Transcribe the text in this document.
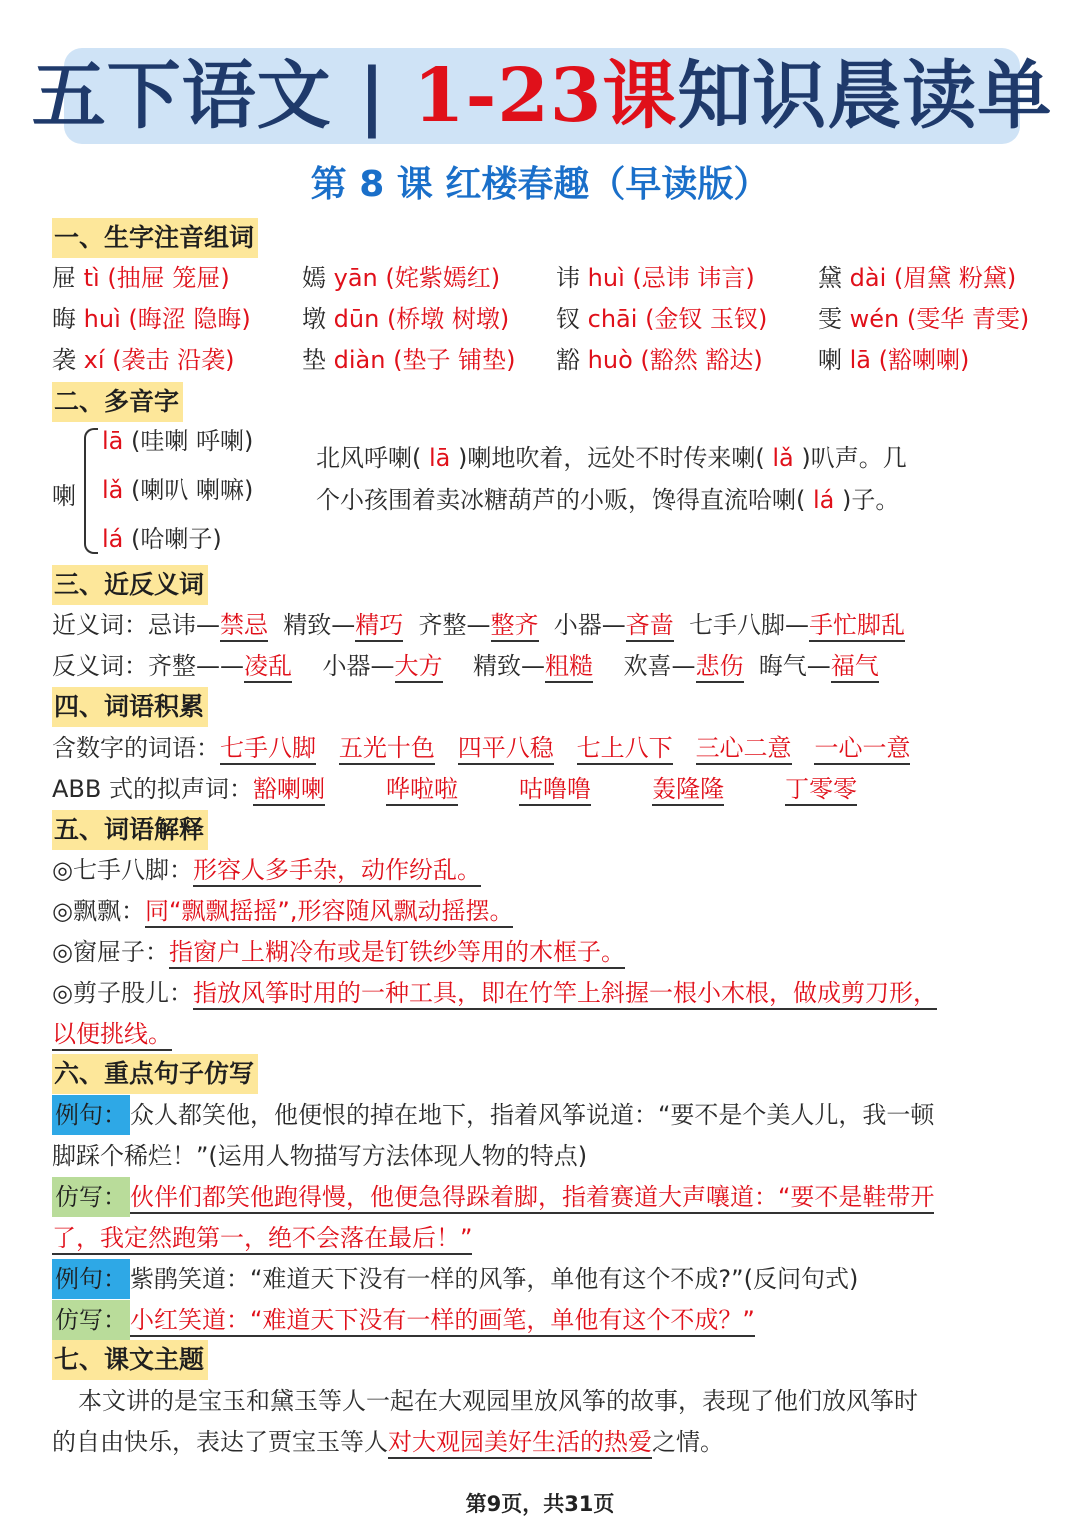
五下语文 | 1-23课知识晨读单
第 8 课 红楼春趣（早读版）
一、生字注音组词
屉 tì (抽屉 笼屉)	嫣 yān (姹紫嫣红) 讳 huì (忌讳 讳言)	黛 dài (眉黛 粉黛)
晦 huì (晦涩 隐晦) 墩 dūn (桥墩 树墩) 钗 chāi (金钗 玉钗) 雯 wén (雯华 青雯)
袭 xí (袭击 沿袭)	垫 diàn (垫子 铺垫) 豁 huò (豁然 豁达) 喇 lā (豁喇喇)
二、多音字
喇
lā (哇喇 呼喇)
lǎ (喇叭 喇嘛)
lá (哈喇子)
北风呼喇( lā )喇地吹着，远处不时传来喇( lǎ )叭声。几
个小孩围着卖冰糖葫芦的小贩，馋得直流哈喇( lá )子。
三、近反义词
近义词：忌讳—禁忌 精致—精巧 齐整—整齐 小器—吝啬 七手八脚—手忙脚乱
反义词：齐整——凌乱 小器—大方 精致—粗糙 欢喜—悲伤 晦气—福气
四、词语积累
含数字的词语：七手八脚 五光十色 四平八稳 七上八下 三心二意 一心一意
ABB 式的拟声词：豁喇喇	哗啦啦	咕噜噜	轰隆隆	丁零零
五、词语解释
◎七手八脚：形容人多手杂，动作纷乱。
◎飘飘：同“飘飘摇摇”,形容随风飘动摇摆。
◎窗屉子：指窗户上糊冷布或是钉铁纱等用的木框子。
◎剪子股儿：指放风筝时用的一种工具，即在竹竿上斜握一根小木根，做成剪刀形，
以便挑线。
六、重点句子仿写
例句： 众人都笑他，他便恨的掉在地下，指着风筝说道：“要不是个美人儿，我一顿
脚踩个稀烂！”(运用人物描写方法体现人物的特点)
仿写： 伙伴们都笑他跑得慢，他便急得跺着脚，指着赛道大声嚷道：“要不是鞋带开
了，我定然跑第一，绝不会落在最后！”
例句： 紫鹃笑道：“难道天下没有一样的风筝，单他有这个不成?”(反问句式)
仿写： 小红笑道：“难道天下没有一样的画笔，单他有这个不成？”
七、课文主题
本文讲的是宝玉和黛玉等人一起在大观园里放风筝的故事，表现了他们放风筝时
的自由快乐，表达了贾宝玉等人对大观园美好生活的热爱之情。
第9页，共31页
